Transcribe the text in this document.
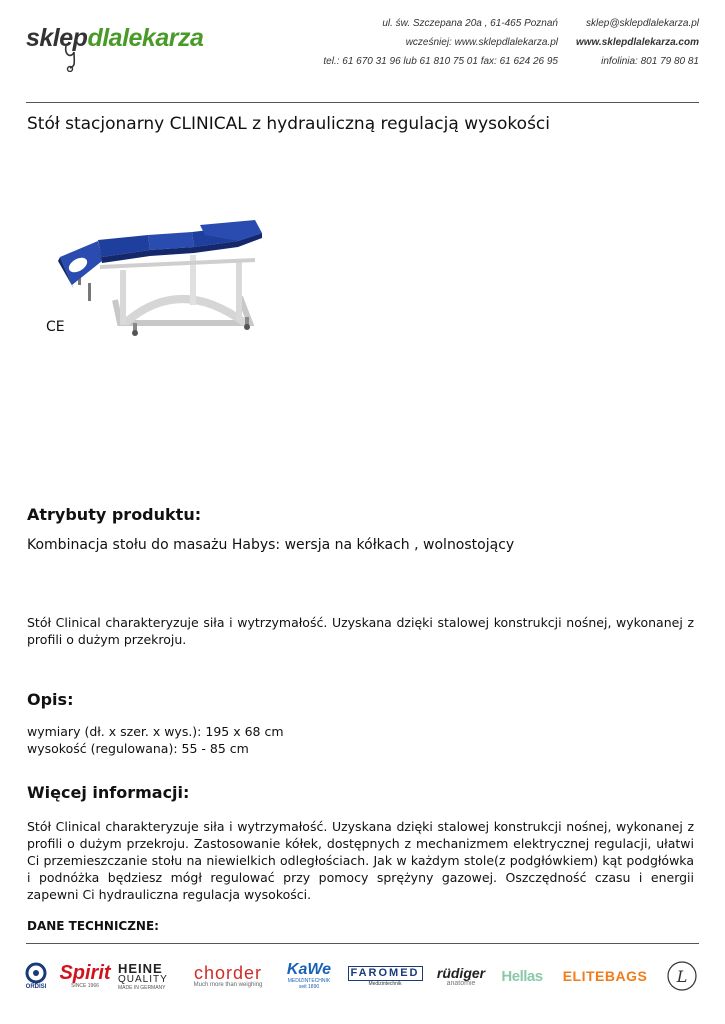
sklepdlalekarza
ul. św. Szczepana 20a , 61-465 Poznań
wcześniej: www.sklepdlalekarza.pl
tel.: 61 670 31 96 lub 61 810 75 01 fax: 61 624 26 95
sklep@sklepdlalekarza.pl
www.sklepdlalekarza.com
infolinia: 801 79 80 81
Stół stacjonarny CLINICAL z hydrauliczną regulacją wysokości
CE
Atrybuty produktu:
Kombinacja stołu do masażu Habys: wersja na kółkach , wolnostojący
Stół Clinical charakteryzuje siła i wytrzymałość. Uzyskana dzięki stalowej konstrukcji nośnej, wykonanej z profili o dużym przekroju.
Opis:
wymiary (dł. x szer. x wys.): 195 x 68 cm
wysokość (regulowana): 55 - 85 cm
Więcej informacji:
Stół Clinical charakteryzuje siła i wytrzymałość. Uzyskana dzięki stalowej konstrukcji nośnej, wykonanej z profili o dużym przekroju. Zastosowanie kółek, dostępnych z mechanizmem elektrycznej regulacji, ułatwi Ci przemieszczanie stołu na niewielkich odległościach. Jak w każdym stole(z podgłówkiem) kąt podgłówka i podnóżka będziesz mógł regulować przy pomocy sprężyny gazowej. Oszczędność czasu i energii zapewni Ci hydrauliczna regulacja wysokości.
DANE TECHNICZNE:
ORDISI
Spirit
SINCE 1966
HEINE
QUALITY
MADE IN GERMANY
chorder
Much more than weighing
KaWe
MEDIZINTECHNIK
seit 1890
FAROMED
Medizintechnik
rüdiger
anatomie Hellas ELITEBAGS L
